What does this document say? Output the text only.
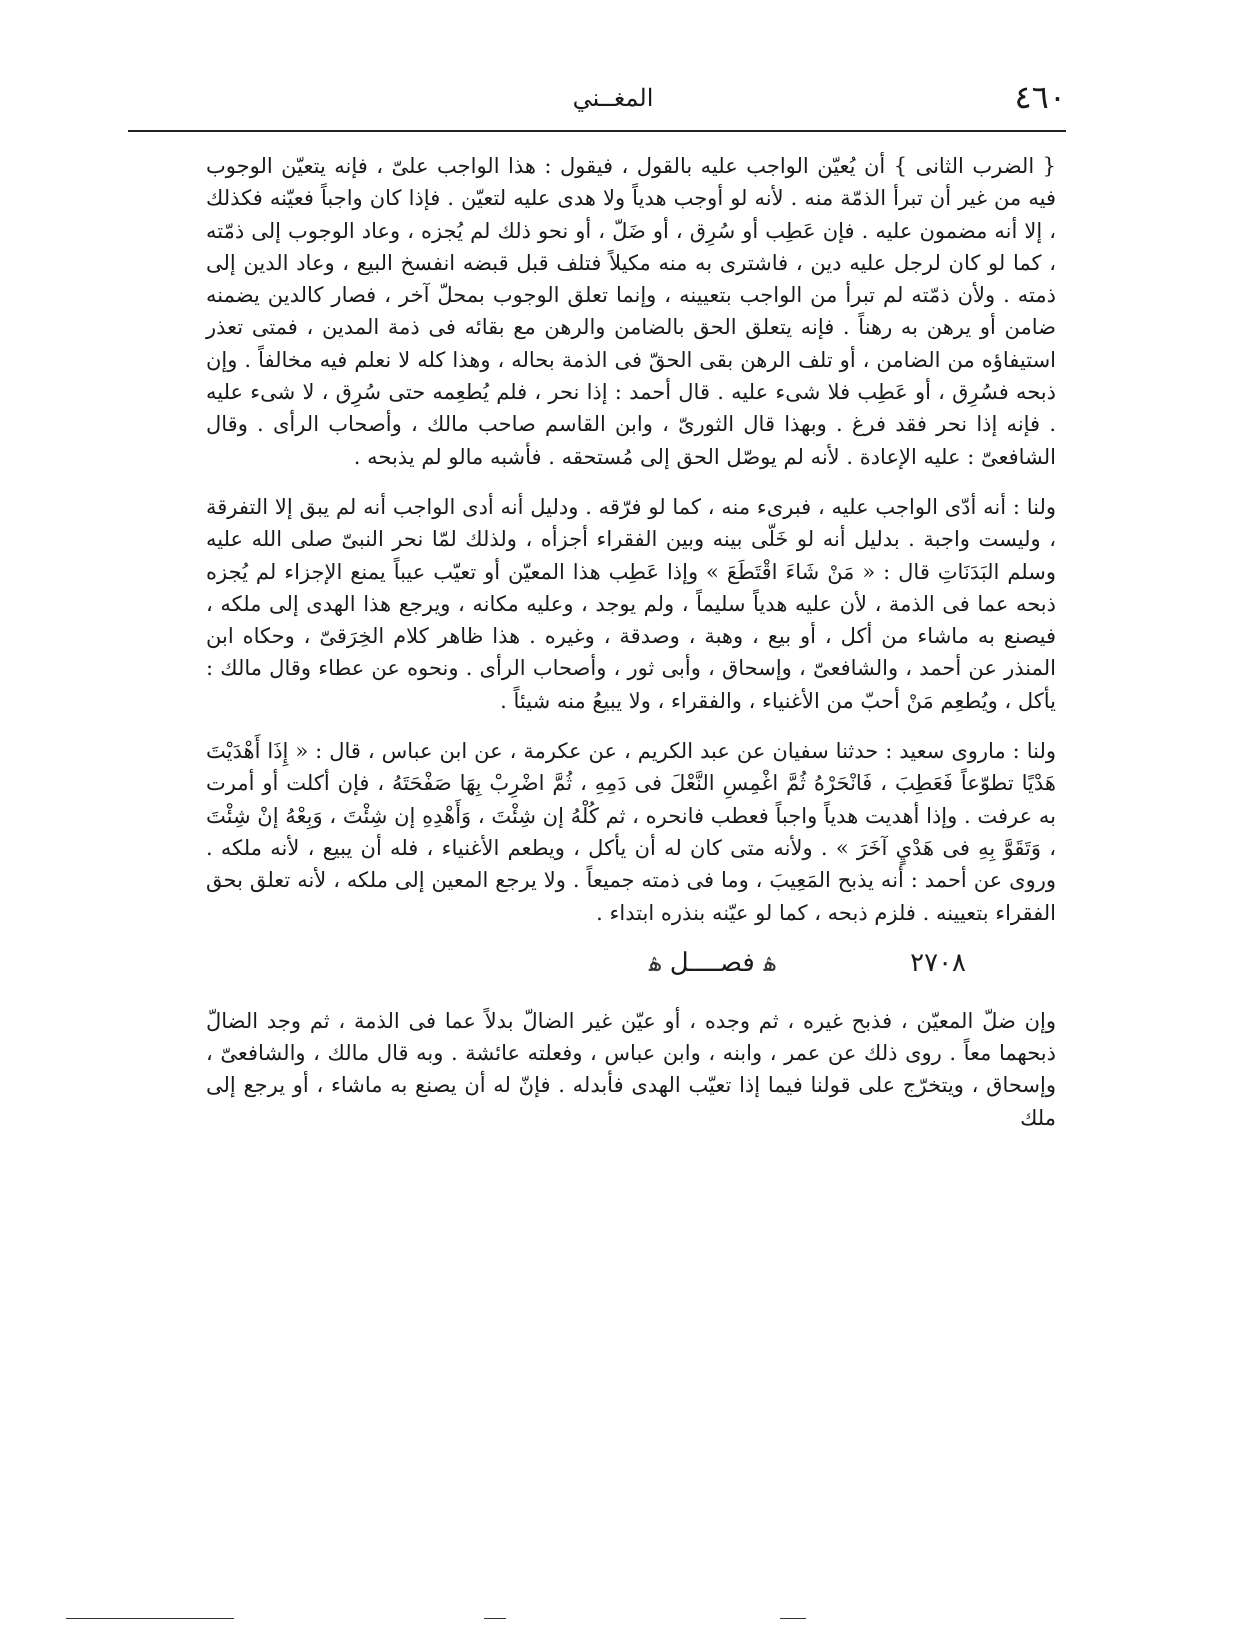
٤٦٠
المغــني

{ الضرب الثانى } أن يُعيّن الواجب عليه بالقول ، فيقول : هذا الواجب علىّ ، فإنه يتعيّن الوجوب فيه من غير أن تبرأ الذمّة منه . لأنه لو أوجب هدياً ولا هدى عليه لتعيّن . فإذا كان واجباً فعيّنه فكذلك ، إلا أنه مضمون عليه . فإن عَطِب أو سُرِق ، أو ضَلّ ، أو نحو ذلك لم يُجزه ، وعاد الوجوب إلى ذمّته ، كما لو كان لرجل عليه دين ، فاشترى به منه مكيلاً فتلف قبل قبضه انفسخ البيع ، وعاد الدين إلى ذمته . ولأن ذمّته لم تبرأ من الواجب بتعيينه ، وإنما تعلق الوجوب بمحلّ آخر ، فصار كالدين يضمنه ضامن أو يرهن به رهناً . فإنه يتعلق الحق بالضامن والرهن مع بقائه فى ذمة المدين ، فمتى تعذر استيفاؤه من الضامن ، أو تلف الرهن بقى الحقّ فى الذمة بحاله ، وهذا كله لا نعلم فيه مخالفاً . وإن ذبحه فسُرِق ، أو عَطِب فلا شىء عليه . قال أحمد : إذا نحر ، فلم يُطعِمه حتى سُرِق ، لا شىء عليه . فإنه إذا نحر فقد فرغ . وبهذا قال الثورىّ ، وابن القاسم صاحب مالك ، وأصحاب الرأى . وقال الشافعىّ : عليه الإعادة . لأنه لم يوصّل الحق إلى مُستحقه . فأشبه مالو لم يذبحه .

ولنا : أنه أدّى الواجب عليه ، فبرىء منه ، كما لو فرّقه . ودليل أنه أدى الواجب أنه لم يبق إلا التفرقة ، وليست واجبة . بدليل أنه لو خَلّى بينه وبين الفقراء أجزأه ، ولذلك لمّا نحر النبىّ صلى الله عليه وسلم البَدَنَاتِ قال : « مَنْ شَاءَ اقْتَطَعَ » وإذا عَطِب هذا المعيّن أو تعيّب عيباً يمنع الإجزاء لم يُجزه ذبحه عما فى الذمة ، لأن عليه هدياً سليماً ، ولم يوجد ، وعليه مكانه ، ويرجع هذا الهدى إلى ملكه ، فيصنع به ماشاء من أكل ، أو بيع ، وهبة ، وصدقة ، وغيره . هذا ظاهر كلام الخِرَقىّ ، وحكاه ابن المنذر عن أحمد ، والشافعىّ ، وإسحاق ، وأبى ثور ، وأصحاب الرأى . ونحوه عن عطاء وقال مالك : يأكل ، ويُطعِم مَنْ أحبّ من الأغنياء ، والفقراء ، ولا يبيعُ منه شيئاً .

ولنا : ماروى سعيد : حدثنا سفيان عن عبد الكريم ، عن عكرمة ، عن ابن عباس ، قال : « إِذَا أَهْدَيْتَ هَدْيًا تطوّعاً فَعَطِبَ ، فَانْحَرْهُ ثُمَّ اغْمِسِ النَّعْلَ فى دَمِهِ ، ثُمَّ اضْرِبْ بِهَا صَفْحَتَهُ ، فإن أكلت أو أمرت به عرفت . وإذا أهديت هدياً واجباً فعطب فانحره ، ثم كُلْهُ إن شِئْتَ ، وَأَهْدِهِ إن شِئْتَ ، وَبِعْهُ إنْ شِئْتَ ، وَتَقَوَّ بِهِ فى هَدْيٍ آخَرَ » . ولأنه متى كان له أن يأكل ، ويطعم الأغنياء ، فله أن يبيع ، لأنه ملكه . وروى عن أحمد : أنه يذبح المَعِيبَ ، وما فى ذمته جميعاً . ولا يرجع المعين إلى ملكه ، لأنه تعلق بحق الفقراء بتعيينه . فلزم ذبحه ، كما لو عيّنه بنذره ابتداء .

٢٧٠٨
ۿ فصــــل ۿ

وإن ضلّ المعيّن ، فذبح غيره ، ثم وجده ، أو عيّن غير الضالّ بدلاً عما فى الذمة ، ثم وجد الضالّ ذبحهما معاً . روى ذلك عن عمر ، وابنه ، وابن عباس ، وفعلته عائشة . وبه قال مالك ، والشافعىّ ، وإسحاق ، ويتخرّج على قولنا فيما إذا تعيّب الهدى فأبدله . فإنّ له أن يصنع به ماشاء ، أو يرجع إلى ملك
